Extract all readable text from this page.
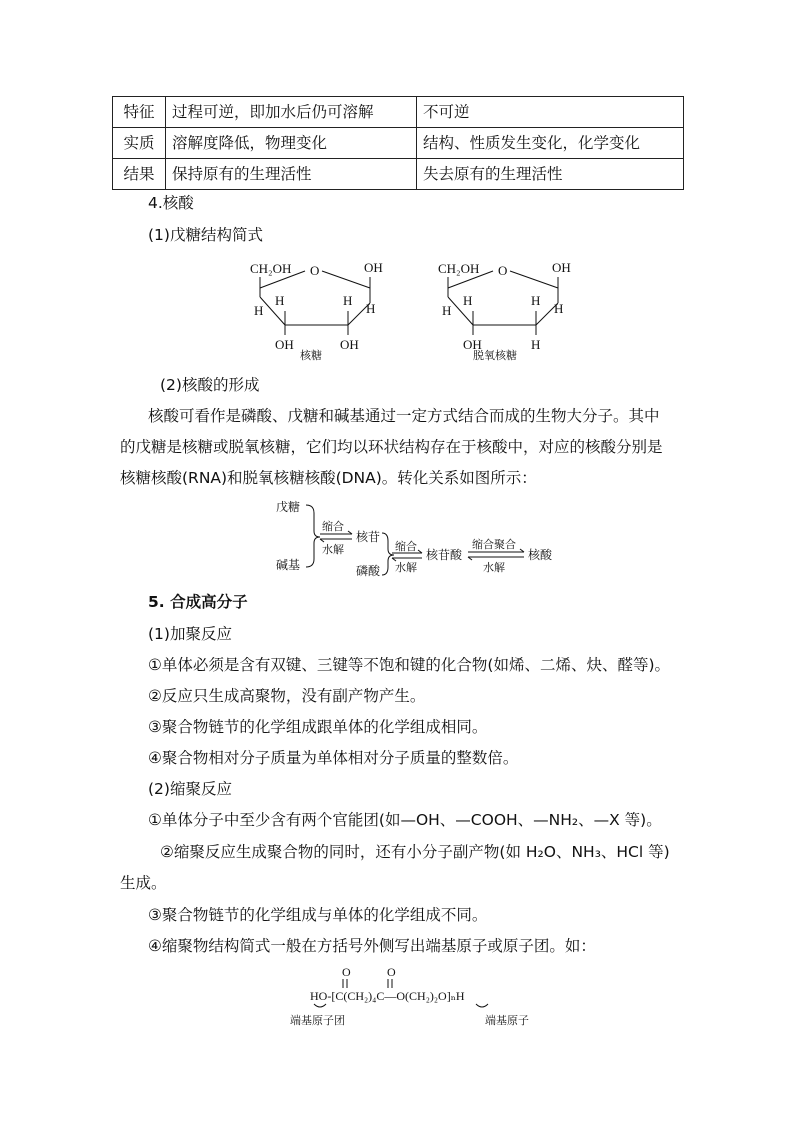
特征	过程可逆，即加水后仍可溶解	不可逆
实质	溶解度降低，物理变化	结构、性质发生变化，化学变化
结果	保持原有的生理活性	失去原有的生理活性
4.核酸
(1)戊糖结构简式
CH₂OH O	OH
H
H
H
H
OH	OH
核糖
CH₂OH O	OH
H
H
H
H
OH	H
脱氧核糖
(2)核酸的形成
核酸可看作是磷酸、戊糖和碱基通过一定方式结合而成的生物大分子。其中
的戊糖是核糖或脱氧核糖，它们均以环状结构存在于核酸中，对应的核酸分别是
核糖核酸(RNA)和脱氧核糖核酸(DNA)。转化关系如图所示：
戊糖
碱基
缩合
水解
核苷
磷酸
缩合
水解
核苷酸
缩合聚合
水解
核酸
5. 合成高分子
(1)加聚反应
①单体必须是含有双键、三键等不饱和键的化合物(如烯、二烯、炔、醛等)。
②反应只生成高聚物，没有副产物产生。
③聚合物链节的化学组成跟单体的化学组成相同。
④聚合物相对分子质量为单体相对分子质量的整数倍。
(2)缩聚反应
①单体分子中至少含有两个官能团(如—OH、—COOH、—NH₂、—X 等)。
②缩聚反应生成聚合物的同时，还有小分子副产物(如 H₂O、NH₃、HCl 等)
生成。
③聚合物链节的化学组成与单体的化学组成不同。
④缩聚物结构简式一般在方括号外侧写出端基原子或原子团。如：
O	O
HO-[C(CH₂)₄C—O(CH₂)₂O]ₙH
端基原子团	端基原子
